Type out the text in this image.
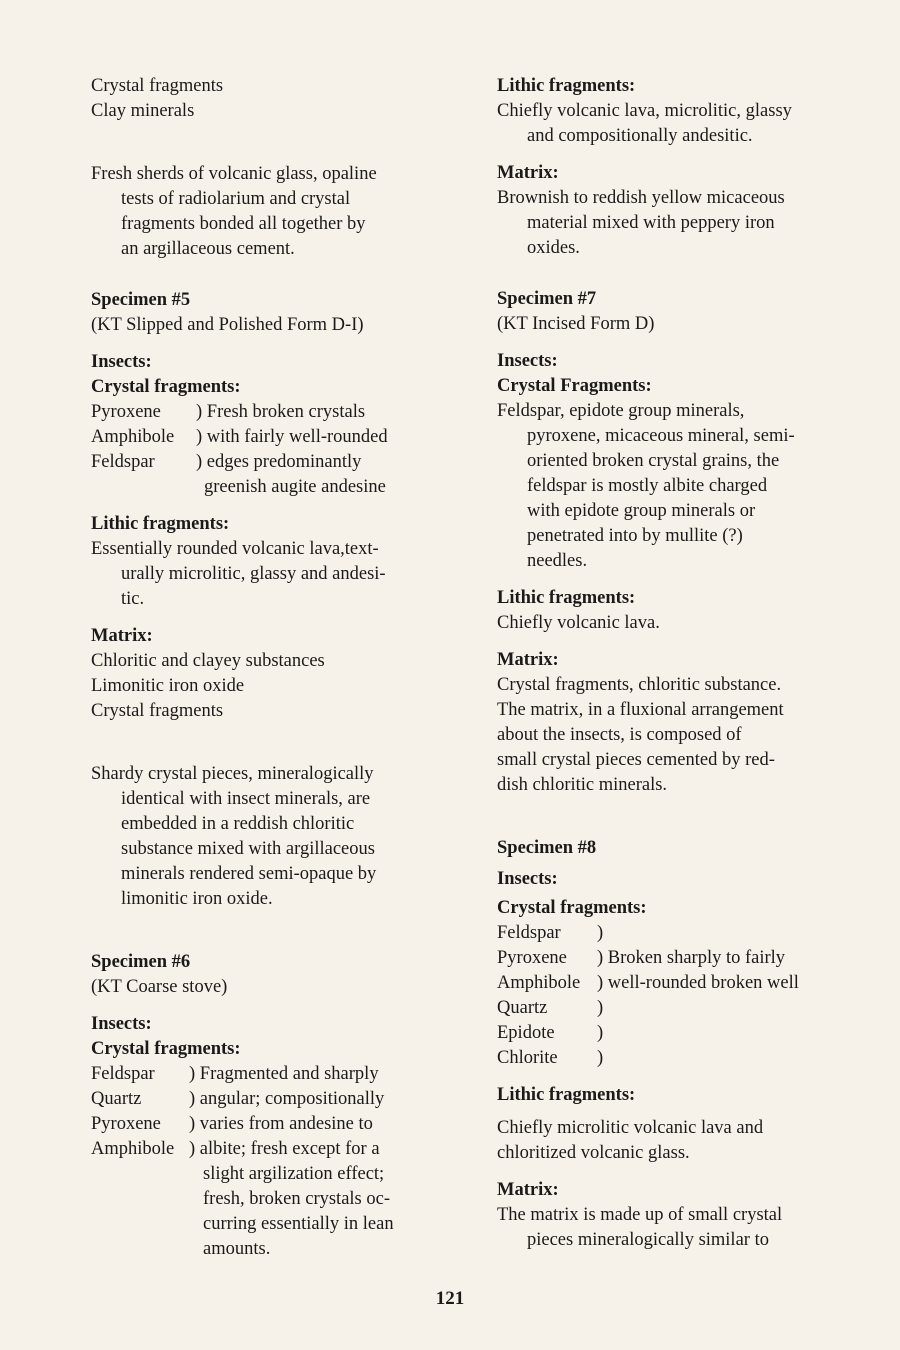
Crystal fragments
Clay minerals
Fresh sherds of volcanic glass, opaline
tests of radiolarium and crystal
fragments bonded all together by
an argillaceous cement.
Specimen #5
(KT Slipped and Polished Form D-I)
Insects:
Crystal fragments:
Pyroxene	) Fresh broken crystals
Amphibole	) with fairly well-rounded
Feldspar	) edges predominantly
greenish augite andesine
Lithic fragments:
Essentially rounded volcanic lava,text-
urally microlitic, glassy and andesi-
tic.
Matrix:
Chloritic and clayey substances
Limonitic iron oxide
Crystal fragments
Shardy crystal pieces, mineralogically
identical with insect minerals, are
embedded in a reddish chloritic
substance mixed with argillaceous
minerals rendered semi-opaque by
limonitic iron oxide.
Specimen #6
(KT Coarse stove)
Insects:
Crystal fragments:
Feldspar	) Fragmented and sharply
Quartz	) angular; compositionally
Pyroxene	) varies from andesine to
Amphibole ) albite; fresh except for a
slight argilization effect;
fresh, broken crystals oc-
curring essentially in lean
amounts.
Lithic fragments:
Chiefly volcanic lava, microlitic, glassy
and compositionally andesitic.
Matrix:
Brownish to reddish yellow micaceous
material mixed with peppery iron
oxides.
Specimen #7
(KT Incised Form D)
Insects:
Crystal Fragments:
Feldspar, epidote group minerals,
pyroxene, micaceous mineral, semi-
oriented broken crystal grains, the
feldspar is mostly albite charged
with epidote group minerals or
penetrated into by mullite (?)
needles.
Lithic fragments:
Chiefly volcanic lava.
Matrix:
Crystal fragments, chloritic substance.
The matrix, in a fluxional arrangement
about the insects, is composed of
small crystal pieces cemented by red-
dish chloritic minerals.
Specimen #8
Insects:
Crystal fragments:
Feldspar	)
Pyroxene	) Broken sharply to fairly
Amphibole ) well-rounded broken well
Quartz	)
Epidote	)
Chlorite	)
Lithic fragments:
Chiefly microlitic volcanic lava and
chloritized volcanic glass.
Matrix:
The matrix is made up of small crystal
pieces mineralogically similar to
121
